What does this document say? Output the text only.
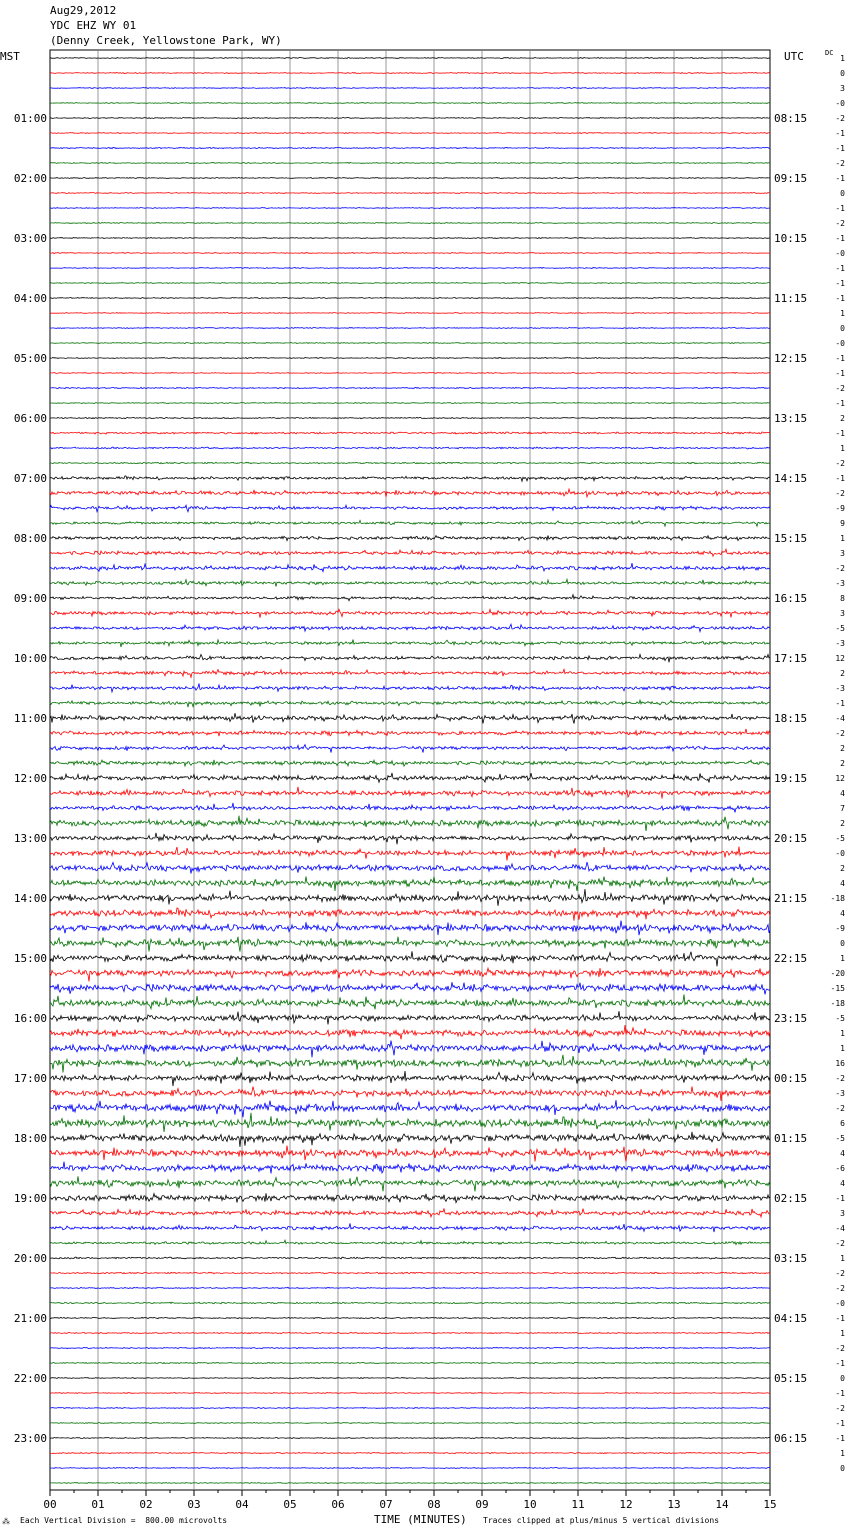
Aug29,2012
YDC EHZ WY 01
(Denny Creek, Yellowstone Park, WY)
MST	UTC	DC
01:00
02:00
03:00
04:00
05:00
06:00
07:00
08:00
09:00
10:00
11:00
12:00
13:00
14:00
15:00
16:00
17:00
18:00
19:00
20:00
21:00
22:00
23:00
08:15
09:15
10:15
11:15
12:15
13:15
14:15
15:15
16:15
17:15
18:15
19:15
20:15
21:15
22:15
23:15
00:15
01:15
02:15
03:15
04:15
05:15
06:15
1
0
3
-0
-2
-1
-1
-2
-1
0
-1
-2
-1
-0
-1
-1
-1
1
0
-0
-1
-1
-2
-1
2
-1
1
-2
-1
-2
-9
9
1
3
-2
-3
8
3
-5
-3
12
2
-3
-1
-4
-2
2
2
12
4
7
2
-5
-0
2
4
-18
4
-9
0
1
-20
-15
-18
-5
1
1
16
-2
-3
-2
6
-5
4
-6
4
-1
3
-4
-2
1
-2
-2
-0
-1
1
-2
-1
0
-1
-2
-1
-1
1
0
00	01	02	03	04	05	06	07	08	09	10	11	12	13	14	15
⁂ Each Vertical Division =  800.00 microvolts	TIME (MINUTES) Traces clipped at plus/minus 5 vertical divisions
